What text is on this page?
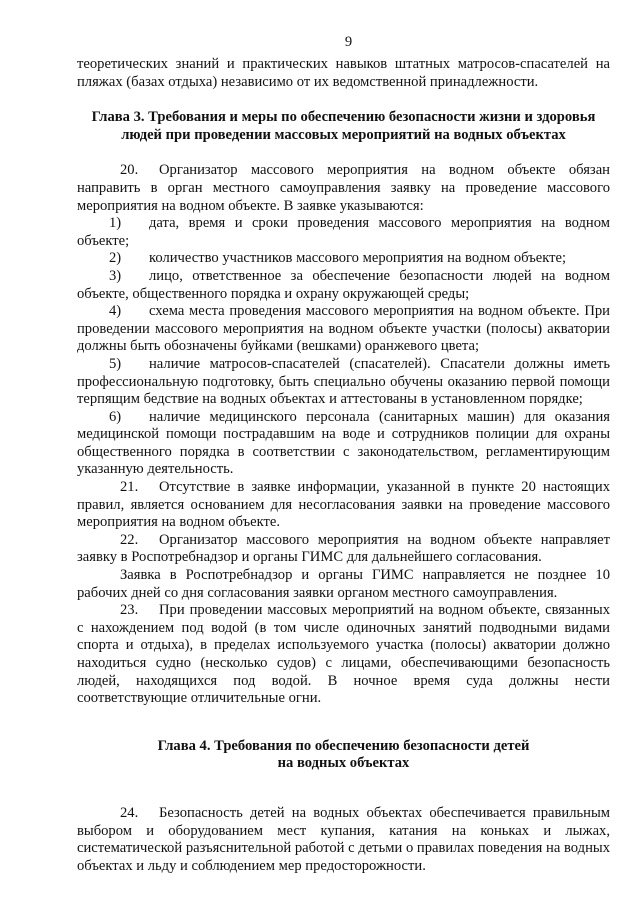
9

теоретических знаний и практических навыков штатных матросов-спасателей на пляжах (базах отдыха) независимо от их ведомственной принадлежности.

Глава 3. Требования и меры по обеспечению безопасности жизни и здоровья
людей при проведении массовых мероприятий на водных объектах

20. Организатор массового мероприятия на водном объекте обязан направить в орган местного самоуправления заявку на проведение массового мероприятия на водном объекте. В заявке указываются:

1) дата, время и сроки проведения массового мероприятия на водном объекте;

2) количество участников массового мероприятия на водном объекте;

3) лицо, ответственное за обеспечение безопасности людей на водном объекте, общественного порядка и охрану окружающей среды;

4) схема места проведения массового мероприятия на водном объекте. При проведении массового мероприятия на водном объекте участки (полосы) акватории должны быть обозначены буйками (вешками) оранжевого цвета;

5) наличие матросов-спасателей (спасателей). Спасатели должны иметь профессиональную подготовку, быть специально обучены оказанию первой помощи терпящим бедствие на водных объектах и аттестованы в установленном порядке;

6) наличие медицинского персонала (санитарных машин) для оказания медицинской помощи пострадавшим на воде и сотрудников полиции для охраны общественного порядка в соответствии с законодательством, регламентирующим указанную деятельность.

21. Отсутствие в заявке информации, указанной в пункте 20 настоящих правил, является основанием для несогласования заявки на проведение массового мероприятия на водном объекте.

22. Организатор массового мероприятия на водном объекте направляет заявку в Роспотребнадзор и органы ГИМС для дальнейшего согласования.

Заявка в Роспотребнадзор и органы ГИМС направляется не позднее 10 рабочих дней со дня согласования заявки органом местного самоуправления.

23. При проведении массовых мероприятий на водном объекте, связанных с нахождением под водой (в том числе одиночных занятий подводными видами спорта и отдыха), в пределах используемого участка (полосы) акватории должно находиться судно (несколько судов) с лицами, обеспечивающими безопасность людей, находящихся под водой. В ночное время суда должны нести соответствующие отличительные огни.

Глава 4. Требования по обеспечению безопасности детей
на водных объектах

24. Безопасность детей на водных объектах обеспечивается правильным выбором и оборудованием мест купания, катания на коньках и лыжах, систематической разъяснительной работой с детьми о правилах поведения на водных объектах и льду и соблюдением мер предосторожности.
